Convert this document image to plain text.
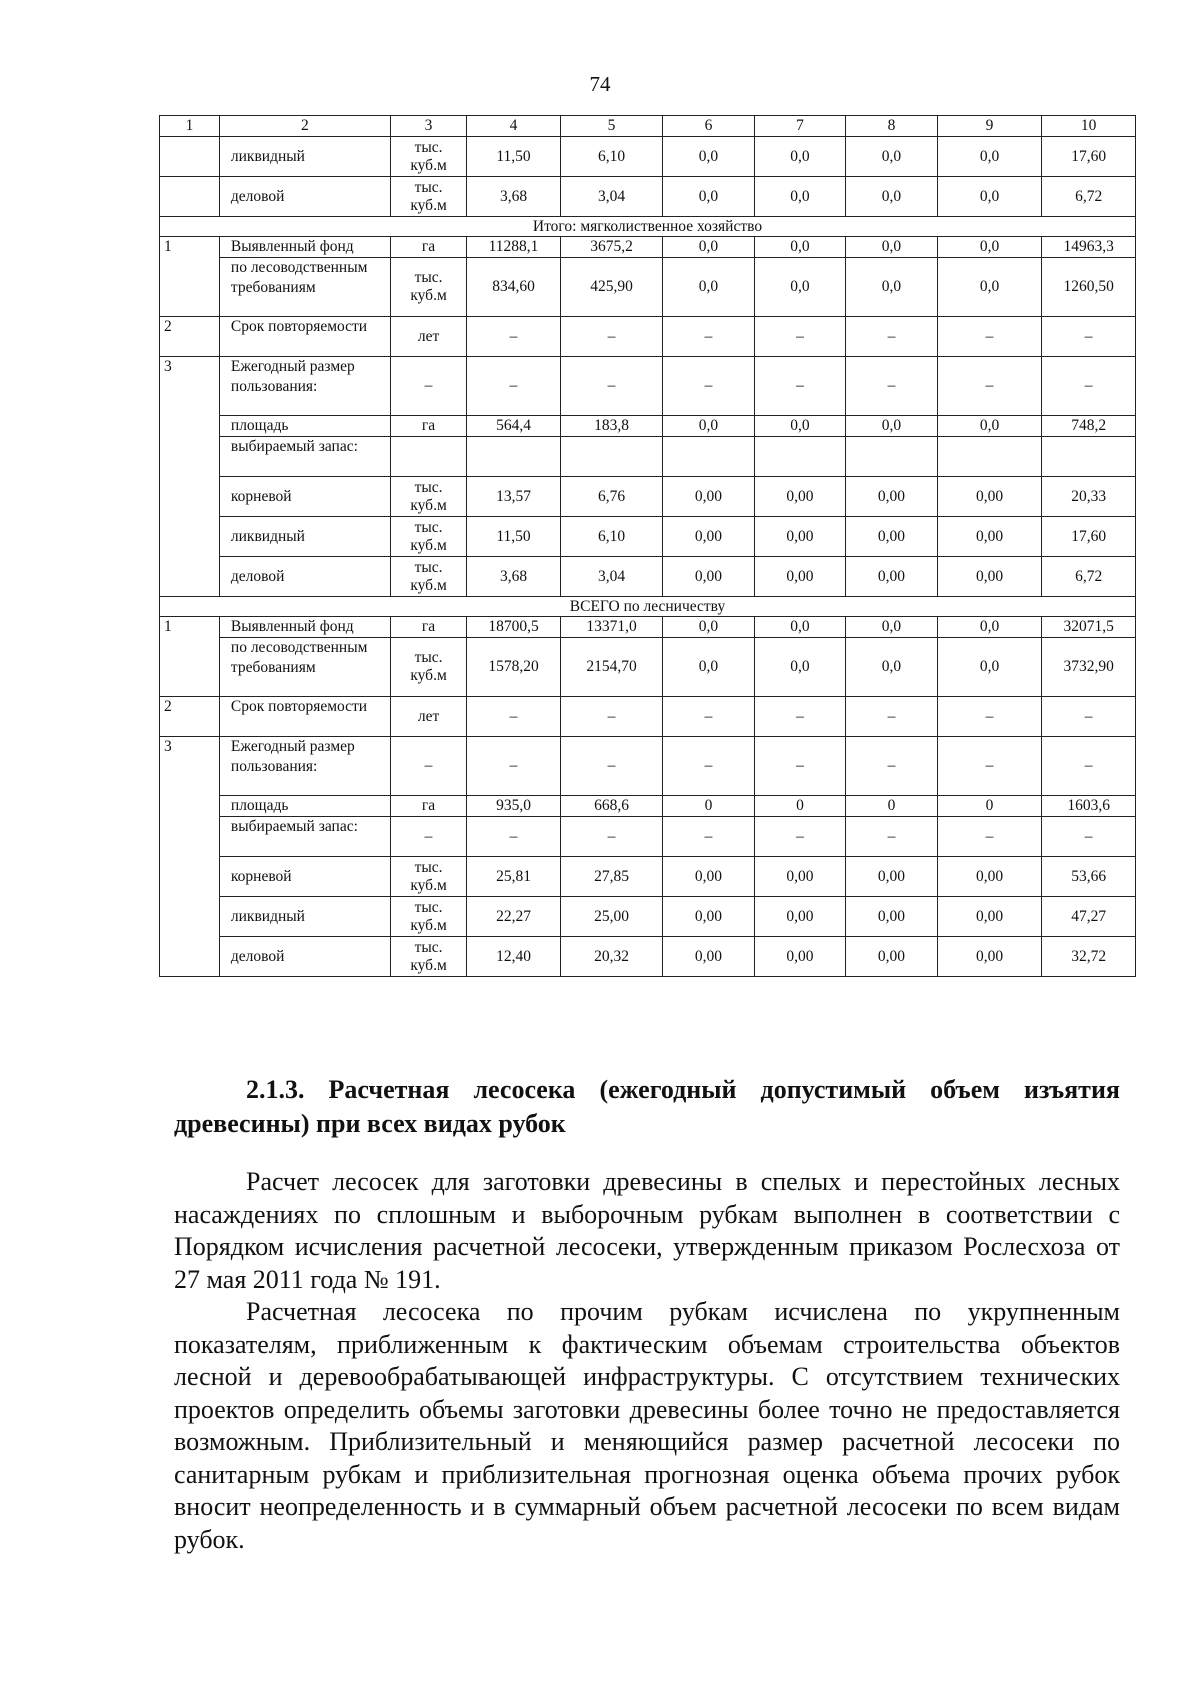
74
1	2	3	4	5	6	7	8	9	10
	ликвидный	тыс. куб.м	11,50	6,10	0,0	0,0	0,0	0,0	17,60
	деловой	тыс. куб.м	3,68	3,04	0,0	0,0	0,0	0,0	6,72
Итого: мягколиственное хозяйство									
1	Выявленный фонд	га	11288,1	3675,2	0,0	0,0	0,0	0,0	14963,3
	по лесоводственным требованиям	тыс. куб.м	834,60	425,90	0,0	0,0	0,0	0,0	1260,50
2	Срок повторяемости	лет	–	–	–	–	–	–	–
3	Ежегодный размер пользования:	–	–	–	–	–	–	–	–
	площадь	га	564,4	183,8	0,0	0,0	0,0	0,0	748,2
	выбираемый запас:								
	корневой	тыс. куб.м	13,57	6,76	0,00	0,00	0,00	0,00	20,33
	ликвидный	тыс. куб.м	11,50	6,10	0,00	0,00	0,00	0,00	17,60
	деловой	тыс. куб.м	3,68	3,04	0,00	0,00	0,00	0,00	6,72
ВСЕГО по лесничеству									
1	Выявленный фонд	га	18700,5	13371,0	0,0	0,0	0,0	0,0	32071,5
	по лесоводственным требованиям	тыс. куб.м	1578,20	2154,70	0,0	0,0	0,0	0,0	3732,90
2	Срок повторяемости	лет	–	–	–	–	–	–	–
3	Ежегодный размер пользования:	–	–	–	–	–	–	–	–
	площадь	га	935,0	668,6	0	0	0	0	1603,6
	выбираемый запас:	–	–	–	–	–	–	–	–
	корневой	тыс. куб.м	25,81	27,85	0,00	0,00	0,00	0,00	53,66
	ликвидный	тыс. куб.м	22,27	25,00	0,00	0,00	0,00	0,00	47,27
	деловой	тыс. куб.м	12,40	20,32	0,00	0,00	0,00	0,00	32,72
2.1.3. Расчетная лесосека (ежегодный допустимый объем изъятия древесины) при всех видах рубок

Расчет лесосек для заготовки древесины в спелых и перестойных лесных насаждениях по сплошным и выборочным рубкам выполнен в соответствии с Порядком исчисления расчетной лесосеки, утвержденным приказом Рослесхоза от 27 мая 2011 года № 191.

Расчетная лесосека по прочим рубкам исчислена по укрупненным показателям, приближенным к фактическим объемам строительства объектов лесной и деревообрабатывающей инфраструктуры. С отсутствием технических проектов определить объемы заготовки древесины более точно не предоставляется возможным. Приблизительный и меняющийся размер расчетной лесосеки по санитарным рубкам и приблизительная прогнозная оценка объема прочих рубок вносит неопределенность и в суммарный объем расчетной лесосеки по всем видам рубок.
